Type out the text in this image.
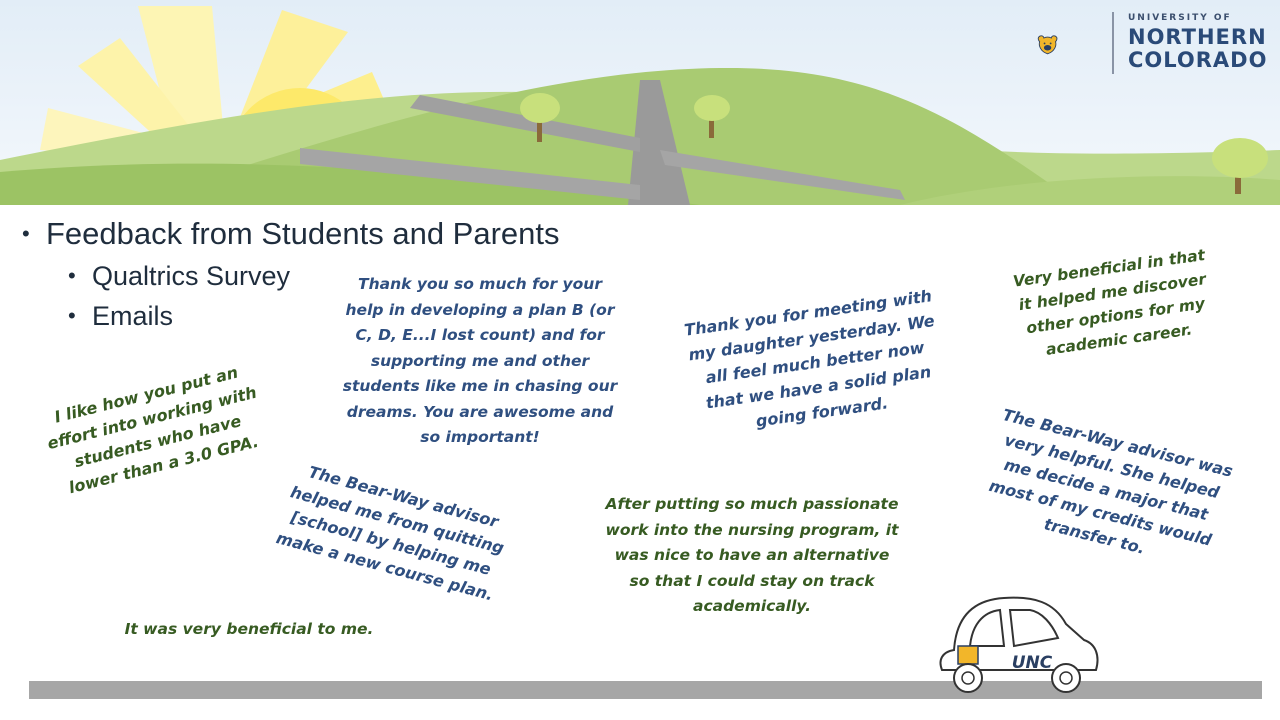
UNIVERSITY OF
NORTHERN
COLORADO
• Feedback from Students and Parents
• Qualtrics Survey
• Emails
I like how you put an
effort into working with
students who have
lower than a 3.0 GPA.
Thank you so much for your
help in developing a plan B (or
C, D, E...I lost count) and for
supporting me and other
students like me in chasing our
dreams. You are awesome and
so important!
Thank you for meeting with
my daughter yesterday. We
all feel much better now
that we have a solid plan
going forward.
Very beneficial in that
it helped me discover
other options for my
academic career.
The Bear-Way advisor
helped me from quitting
[school] by helping me
make a new course plan.
After putting so much passionate
work into the nursing program, it
was nice to have an alternative
so that I could stay on track
academically.
The Bear-Way advisor was
very helpful. She helped
me decide a major that
most of my credits would
transfer to.
It was very beneficial to me.
UNC
